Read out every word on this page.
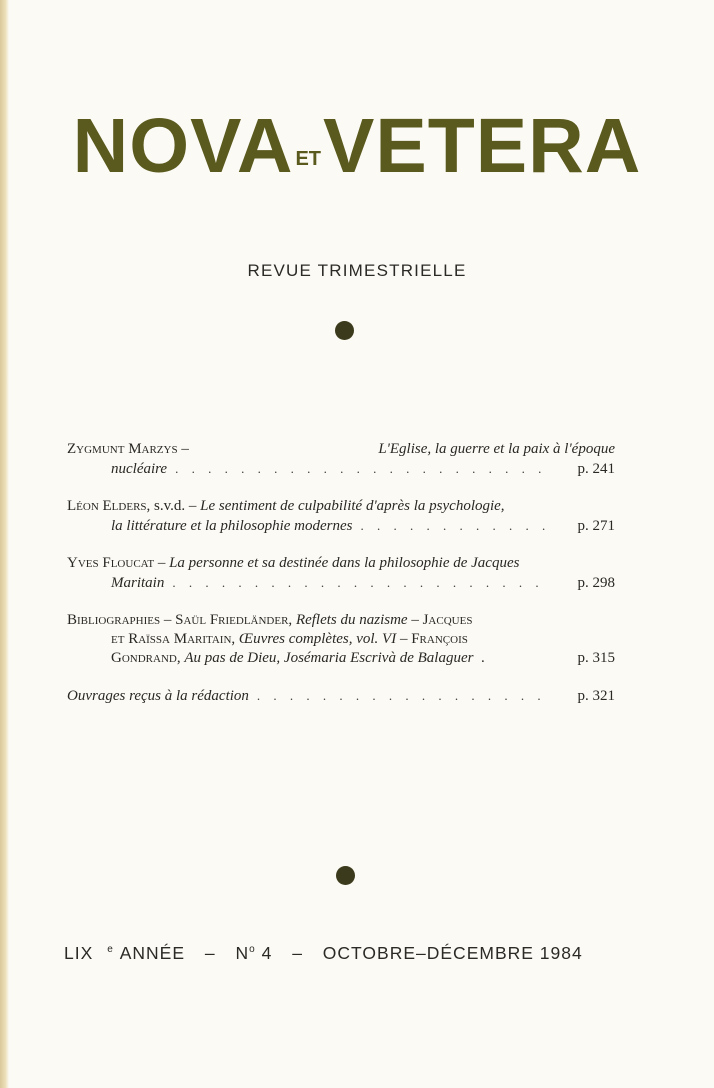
NOVA ETVETERA
REVUE TRIMESTRIELLE
Zygmunt Marzys –	L'Eglise, la guerre et la paix à l'époque
nucléaire . . .	p. 241
Léon Elders , s.v.d. –
Le sentiment de culpabilité d'après la psychologie,
la littérature et la philosophie modernes . . .	p. 271
Yves Floucat – La personne et sa destinée dans la philosophie de Jacques
Maritain . . .	p. 298
Bibliographies – Saül Friedländer,
Reflets du nazisme – Jacques
et Raïssa Maritain,
Œuvres complètes, vol. VI – François
Gondrand,
Au pas de Dieu, Josémaria Escrivà de Balaguer
.	p. 315
Ouvrages reçus à la rédaction . . .	p. 321
LIX $^e$ ANNÉE – $N^o$ 4 – OCTOBRE–DÉCEMBRE 1984
